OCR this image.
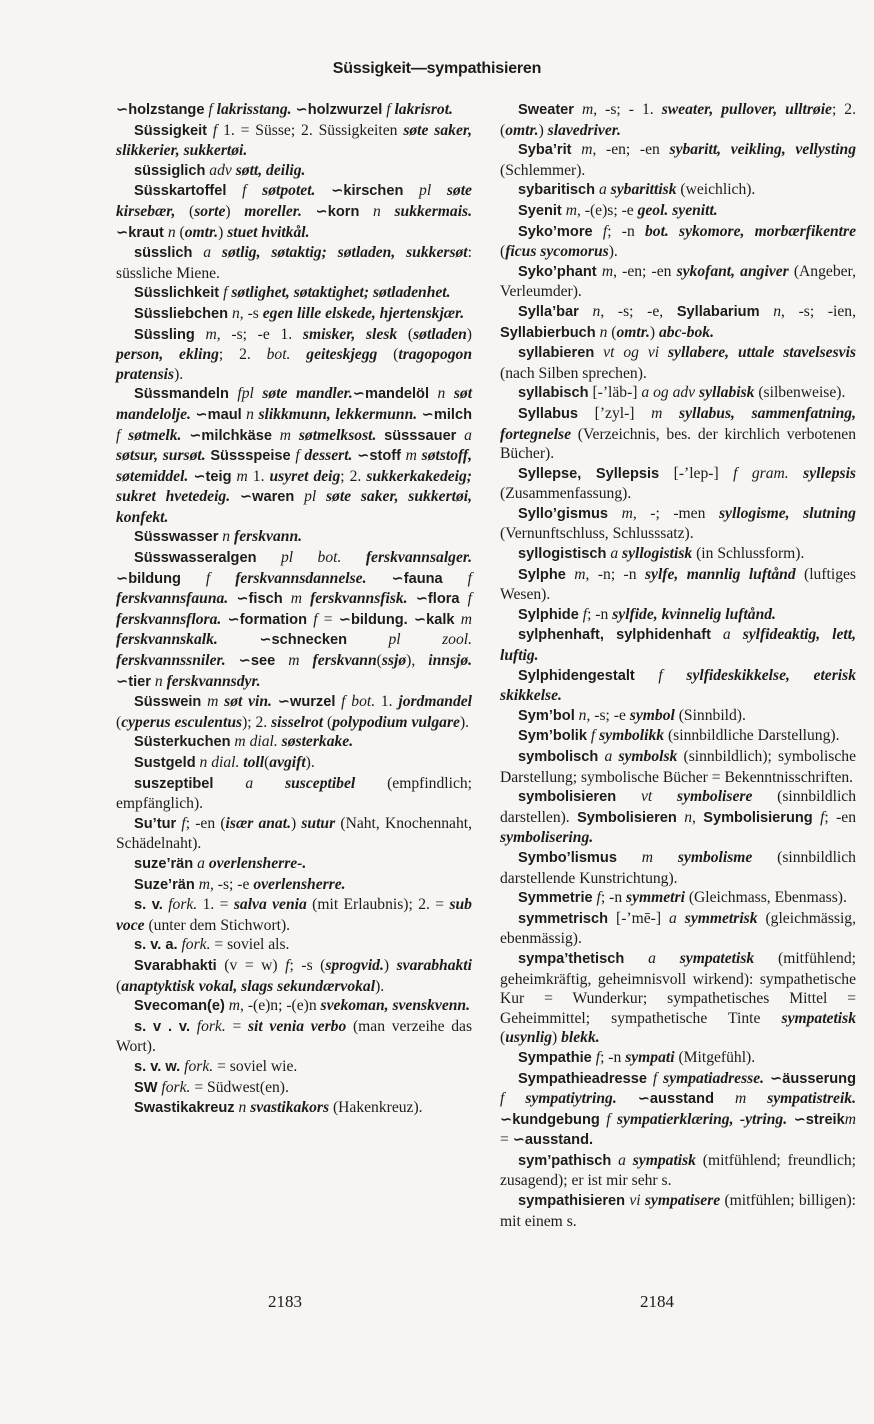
Süssigkeit—sympathisieren

∽holzstange f lakrisstang. ∽holzwurzel f lakrisrot.

Süssigkeit f 1. = Süsse; 2. Süssigkeiten søte saker, slikkerier, sukkertøi.

süssiglich adv søtt, deilig.

Süsskartoffel f søtpotet. ∽kirschen pl søte kirsebær, (sorte) moreller. ∽korn n sukkermais. ∽kraut n (omtr.) stuet hvitkål.

süsslich a søtlig, søtaktig; søtladen, sukkersøt: süssliche Miene.

Süsslichkeit f søtlighet, søtaktighet; søtladenhet.

Süssliebchen n, -s egen lille elskede, hjertenskjær.

Süssling m, -s; -e 1. smisker, slesk (søtladen) person, ekling; 2. bot. geiteskjegg (tragopogon pratensis).

Süssmandeln fpl søte mandler.∽mandelöl n søt mandelolje. ∽maul n slikkmunn, lekkermunn. ∽milch f søtmelk. ∽milchkäse m søtmelksost. süsssauer a søtsur, sursøt. Süssspeise f dessert. ∽stoff m søtstoff, søtemiddel. ∽teig m 1. usyret deig; 2. sukkerkakedeig; sukret hvetedeig. ∽waren pl søte saker, sukkertøi, konfekt.

Süsswasser n ferskvann.

Süsswasseralgen pl bot. ferskvannsalger. ∽bildung f ferskvannsdannelse. ∽fauna f ferskvannsfauna. ∽fisch m ferskvannsfisk. ∽flora f ferskvannsflora. ∽formation f = ∽bildung. ∽kalk m ferskvannskalk.	∽schnecken	pl zool. ferskvannssniler. ∽see m ferskvann(ssjø), innsjø. ∽tier n ferskvannsdyr.

Süsswein m søt vin. ∽wurzel f bot. 1. jordmandel (cyperus esculentus); 2. sisselrot (polypodium vulgare).

Süsterkuchen m dial. søsterkake.

Sustgeld n dial. toll(avgift).

suszeptibel a susceptibel (empfindlich; empfänglich).

Su’tur f; -en (især anat.) sutur (Naht, Knochennaht, Schädelnaht).

suze’rän a overlensherre-.

Suze’rän m, -s; -e overlensherre.

s. v. fork. 1. = salva venia (mit Erlaubnis); 2. = sub voce (unter dem Stichwort).

s. v. a. fork. = soviel als.

Svarabhakti (v = w) f; -s (sprogvid.) svarabhakti (anaptyktisk vokal, slags sekundærvokal).

Svecoman(e) m, -(e)n; -(e)n svekoman, svenskvenn.

s. v . v. fork. = sit venia verbo (man verzeihe das Wort).

s. v. w. fork. = soviel wie.

SW fork. = Südwest(en).

Swastikakreuz n svastikakors (Hakenkreuz).

Sweater m, -s; - 1. sweater, pullover, ulltrøie; 2. (omtr.) slavedriver.

Syba’rit m, -en; -en sybaritt, veikling, vellysting (Schlemmer).

sybaritisch a sybarittisk (weichlich).

Syenit m, -(e)s; -e geol. syenitt.

Syko’more f; -n bot. sykomore, morbærfikentre (ficus sycomorus).

Syko’phant m, -en; -en sykofant, angiver (Angeber, Verleumder).

Sylla’bar n, -s; -e, Syllabarium n, -s; -ien, Syllabierbuch n (omtr.) abc-bok.

syllabieren vt og vi syllabere, uttale stavelsesvis (nach Silben sprechen).

syllabisch [-’läb-] a og adv syllabisk (silbenweise).

Syllabus [’zyl-] m syllabus, sammenfatning, fortegnelse (Verzeichnis, bes. der kirchlich verbotenen Bücher).

Syllepse, Syllepsis [-’lep-] f gram. syllepsis (Zusammenfassung).

Syllo’gismus m, -; -men syllogisme, slutning (Vernunftschluss, Schlusssatz).

syllogistisch a syllogistisk (in Schlussform).

Sylphe m, -n; -n sylfe, mannlig luftånd (luftiges Wesen).

Sylphide f; -n sylfide, kvinnelig luftånd.

sylphenhaft, sylphidenhaft a sylfideaktig, lett, luftig.

Sylphidengestalt f sylfideskikkelse, eterisk skikkelse.

Sym’bol n, -s; -e symbol (Sinnbild).

Sym’bolik f symbolikk (sinnbildliche Darstellung).

symbolisch a symbolsk (sinnbildlich); symbolische Darstellung; symbolische Bücher = Bekenntnisschriften.

symbolisieren vt symbolisere (sinnbildlich darstellen). Symbolisieren n, Symbolisierung f; -en symbolisering.

Symbo’lismus m symbolisme (sinnbildlich darstellende Kunstrichtung).

Symmetrie f; -n symmetri (Gleichmass, Ebenmass).

symmetrisch [-’mē-] a symmetrisk (gleichmässig, ebenmässig).

sympa’thetisch a sympatetisk (mitfühlend; geheimkräftig, geheimnisvoll wirkend): sympathetische Kur = Wunderkur; sympathetisches Mittel = Geheimmittel; sympathetische Tinte sympatetisk (usynlig) blekk.

Sympathie f; -n sympati (Mitgefühl).

Sympathieadresse f sympatiadresse. ∽äusserung f sympatiytring. ∽ausstand m sympatistreik. ∽kundgebung f sympatierklæring, -ytring. ∽streikm = ∽ausstand.

sym’pathisch a sympatisk (mitfühlend; freundlich; zusagend); er ist mir sehr s.

sympathisieren vi sympatisere (mitfühlen; billigen): mit einem s.

2183	2184
